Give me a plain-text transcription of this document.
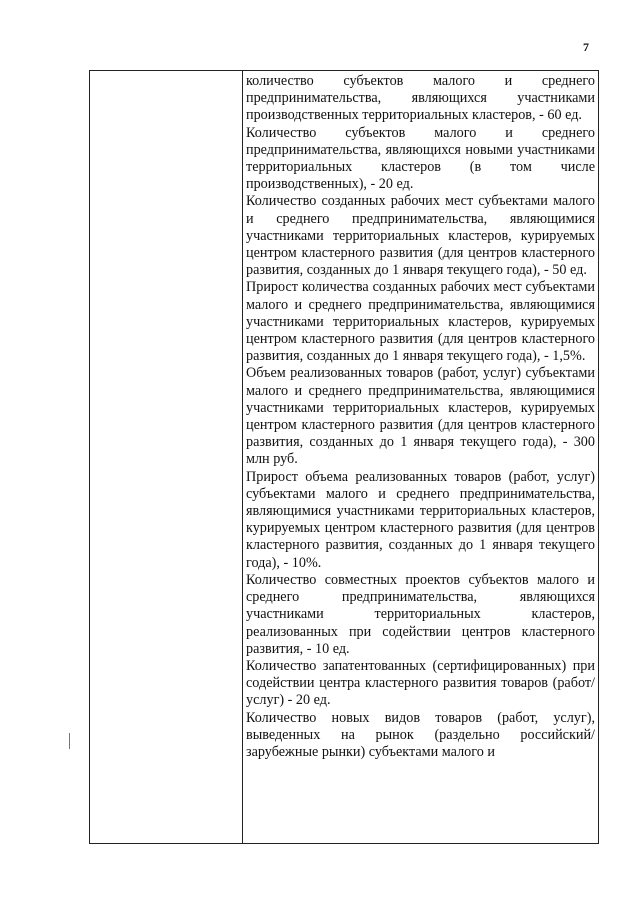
7

количество субъектов малого и среднего предпринимательства, являющихся участниками производственных территориальных кластеров, - 60 ед.

Количество субъектов малого и среднего предпринимательства, являющихся новыми участниками территориальных кластеров (в том числе производственных), - 20 ед.

Количество созданных рабочих мест субъектами малого и среднего предпринимательства, являющимися участниками территориальных кластеров, курируемых центром кластерного развития (для центров кластерного развития, созданных до 1 января текущего года), - 50 ед.

Прирост количества созданных рабочих мест субъектами малого и среднего предпринимательства, являющимися участниками территориальных кластеров, курируемых центром кластерного развития (для центров кластерного развития, созданных до 1 января текущего года), - 1,5%.

Объем реализованных товаров (работ, услуг) субъектами малого и среднего предпринимательства, являющимися участниками территориальных кластеров, курируемых центром кластерного развития (для центров кластерного развития, созданных до 1 января текущего года), - 300 млн руб.

Прирост объема реализованных товаров (работ, услуг) субъектами малого и среднего предпринимательства, являющимися участниками территориальных кластеров, курируемых центром кластерного развития (для центров кластерного развития, созданных до 1 января текущего года), - 10%.

Количество совместных проектов субъектов малого и среднего предпринимательства, являющихся участниками территориальных кластеров, реализованных при содействии центров кластерного развития, - 10 ед.

Количество запатентованных (сертифицированных) при содействии центра кластерного развития товаров (работ/услуг) - 20 ед.

Количество новых видов товаров (работ, услуг), выведенных на рынок (раздельно российский/зарубежные рынки) субъектами малого и
